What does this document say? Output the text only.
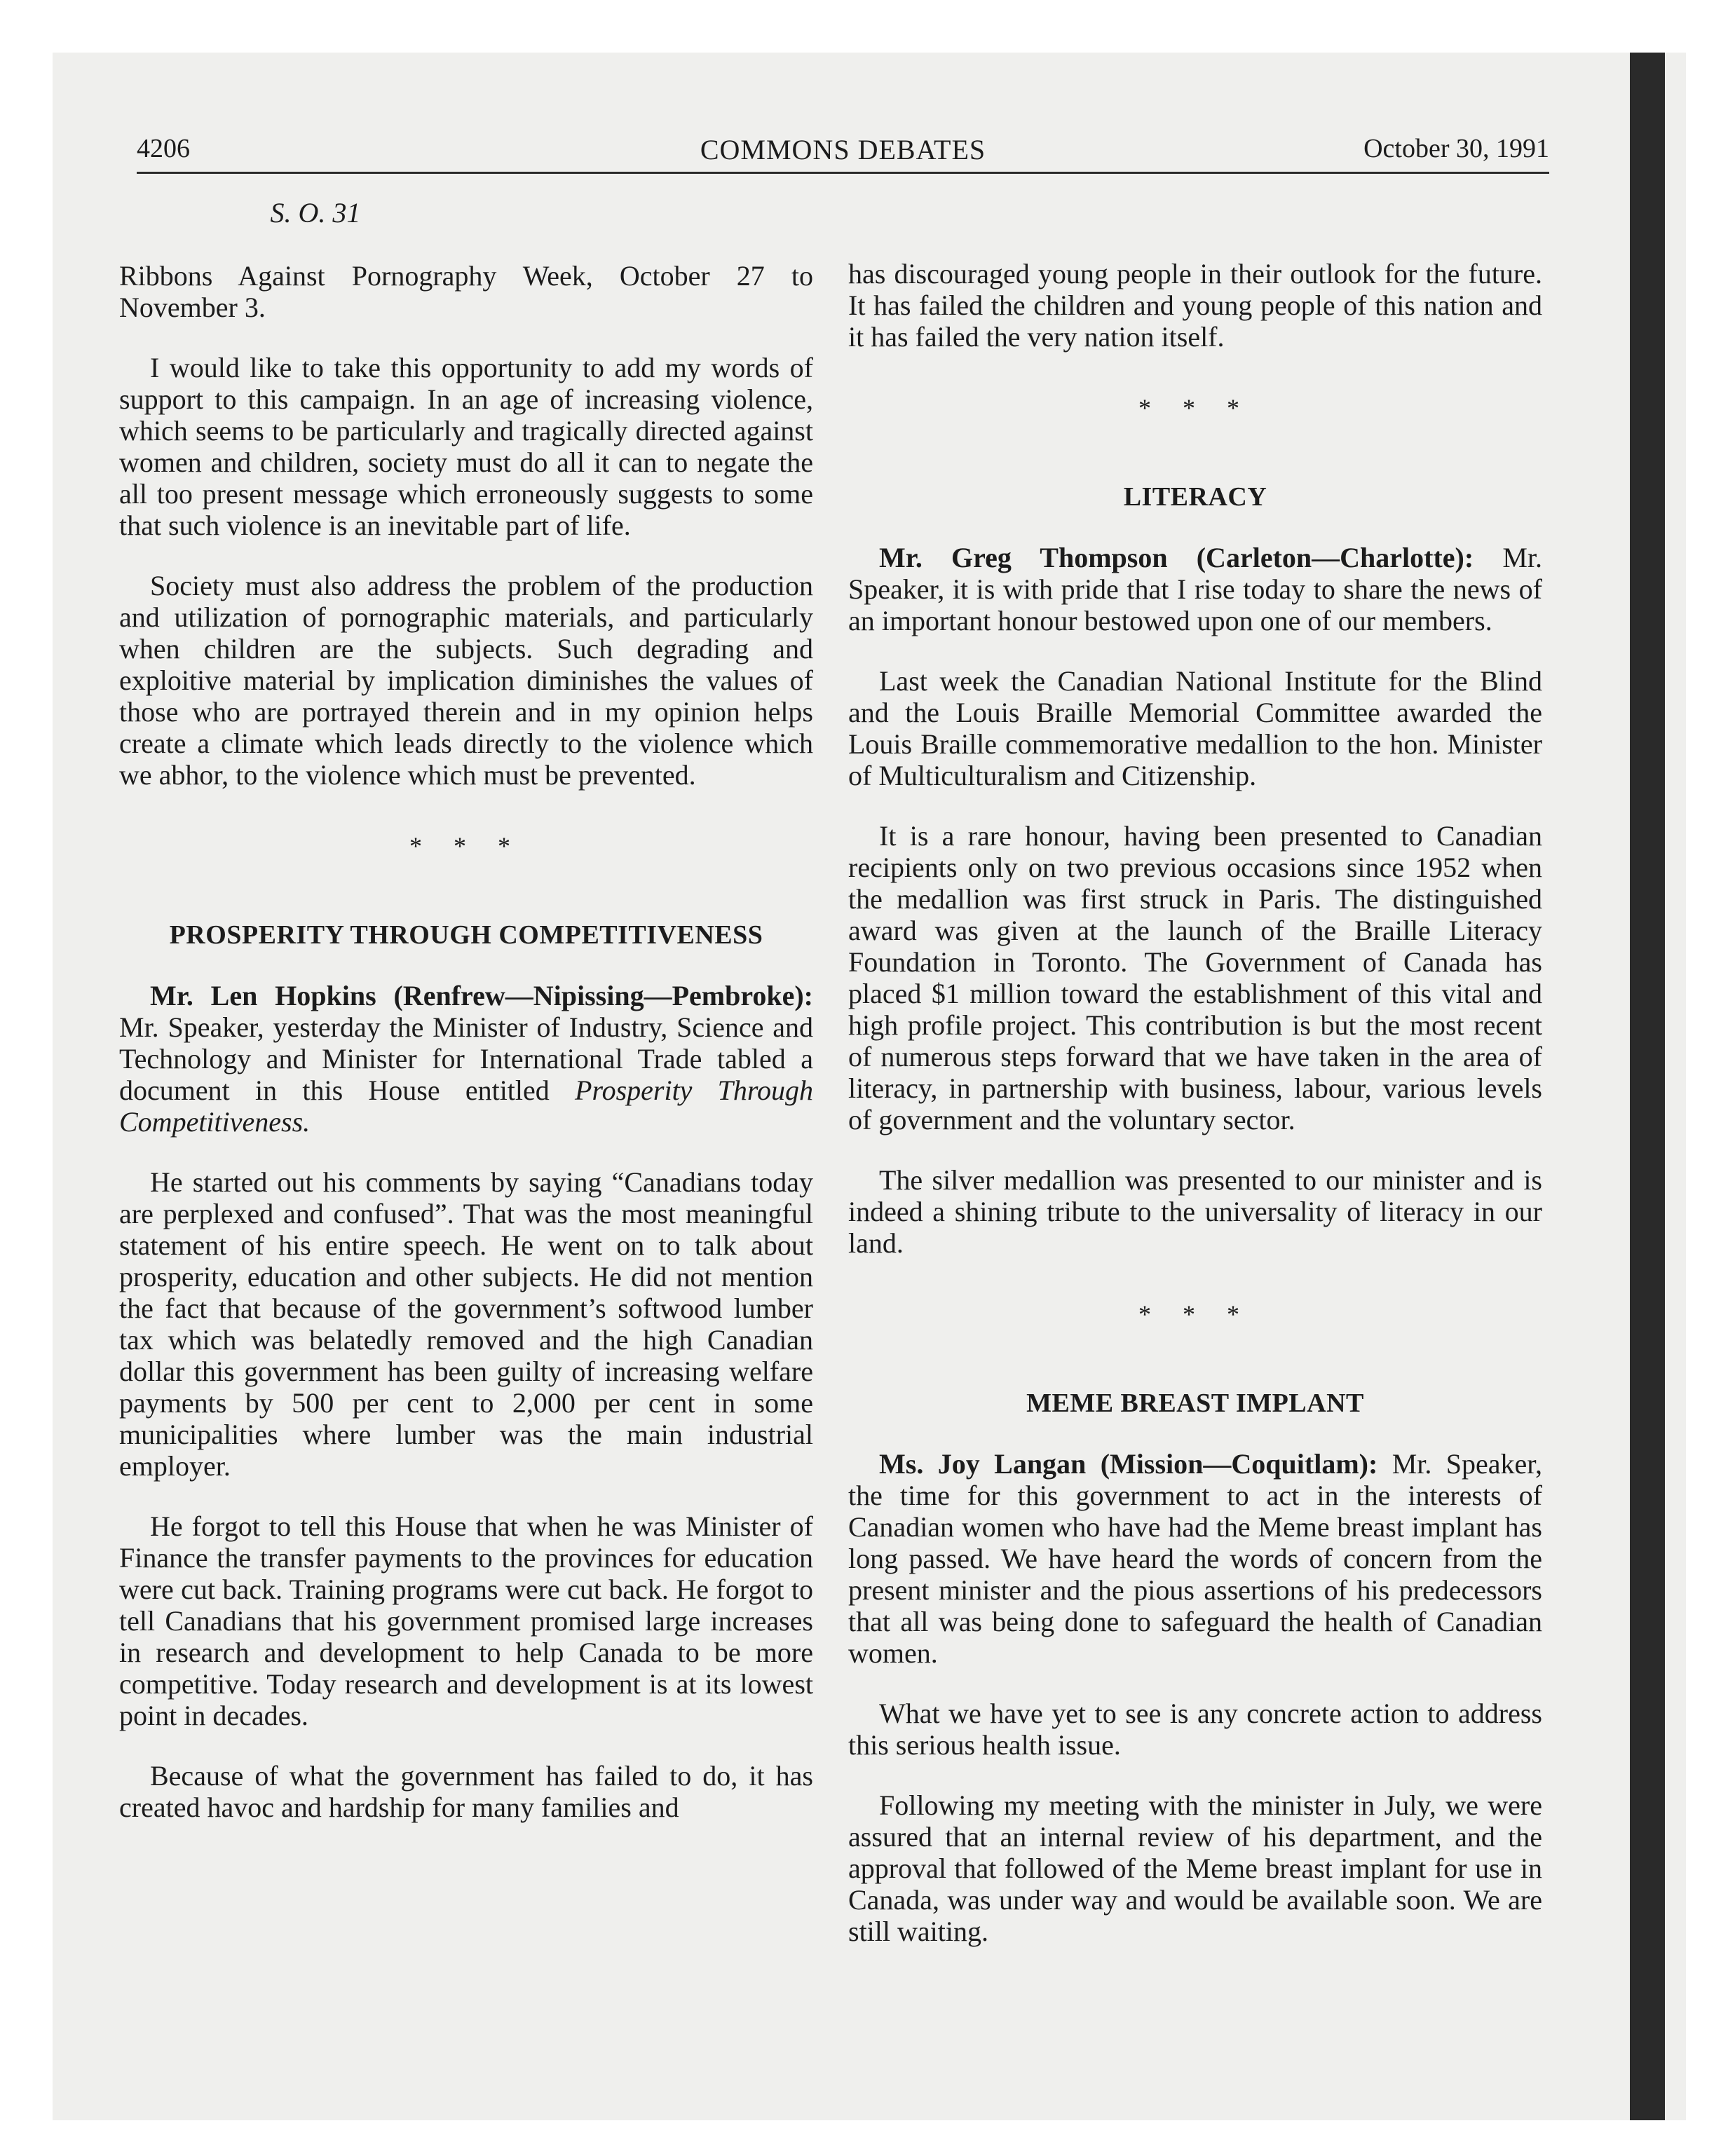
4206	COMMONS DEBATES	October 30, 1991
S. O. 31

Ribbons Against Pornography Week, October 27 to November 3.

I would like to take this opportunity to add my words of support to this campaign. In an age of increasing violence, which seems to be particularly and tragically directed against women and children, society must do all it can to negate the all too present message which erroneously suggests to some that such violence is an inevitable part of life.

Society must also address the problem of the production and utilization of pornographic materials, and particularly when children are the subjects. Such degrading and exploitive material by implication diminishes the values of those who are portrayed therein and in my opinion helps create a climate which leads directly to the violence which we abhor, to the violence which must be prevented.

* * *
PROSPERITY THROUGH COMPETITIVENESS

Mr. Len Hopkins (Renfrew—Nipissing—Pembroke): Mr. Speaker, yesterday the Minister of Industry, Science and Technology and Minister for International Trade tabled a document in this House entitled Prosperity Through Competitiveness.

He started out his comments by saying “Canadians today are perplexed and confused”. That was the most meaningful statement of his entire speech. He went on to talk about prosperity, education and other subjects. He did not mention the fact that because of the government’s softwood lumber tax which was belatedly removed and the high Canadian dollar this government has been guilty of increasing welfare payments by 500 per cent to 2,000 per cent in some municipalities where lumber was the main industrial employer.

He forgot to tell this House that when he was Minister of Finance the transfer payments to the provinces for education were cut back. Training programs were cut back. He forgot to tell Canadians that his government promised large increases in research and development to help Canada to be more competitive. Today research and development is at its lowest point in decades.

Because of what the government has failed to do, it has created havoc and hardship for many families and

has discouraged young people in their outlook for the future. It has failed the children and young people of this nation and it has failed the very nation itself.

* * *
LITERACY

Mr. Greg Thompson (Carleton—Charlotte): Mr. Speaker, it is with pride that I rise today to share the news of an important honour bestowed upon one of our members.

Last week the Canadian National Institute for the Blind and the Louis Braille Memorial Committee awarded the Louis Braille commemorative medallion to the hon. Minister of Multiculturalism and Citizenship.

It is a rare honour, having been presented to Canadian recipients only on two previous occasions since 1952 when the medallion was first struck in Paris. The distinguished award was given at the launch of the Braille Literacy Foundation in Toronto. The Government of Canada has placed $1 million toward the establishment of this vital and high profile project. This contribution is but the most recent of numerous steps forward that we have taken in the area of literacy, in partnership with business, labour, various levels of government and the voluntary sector.

The silver medallion was presented to our minister and is indeed a shining tribute to the universality of literacy in our land.

* * *
MEME BREAST IMPLANT

Ms. Joy Langan (Mission—Coquitlam): Mr. Speaker, the time for this government to act in the interests of Canadian women who have had the Meme breast implant has long passed. We have heard the words of concern from the present minister and the pious assertions of his predecessors that all was being done to safeguard the health of Canadian women.

What we have yet to see is any concrete action to address this serious health issue.

Following my meeting with the minister in July, we were assured that an internal review of his department, and the approval that followed of the Meme breast implant for use in Canada, was under way and would be available soon. We are still waiting.
